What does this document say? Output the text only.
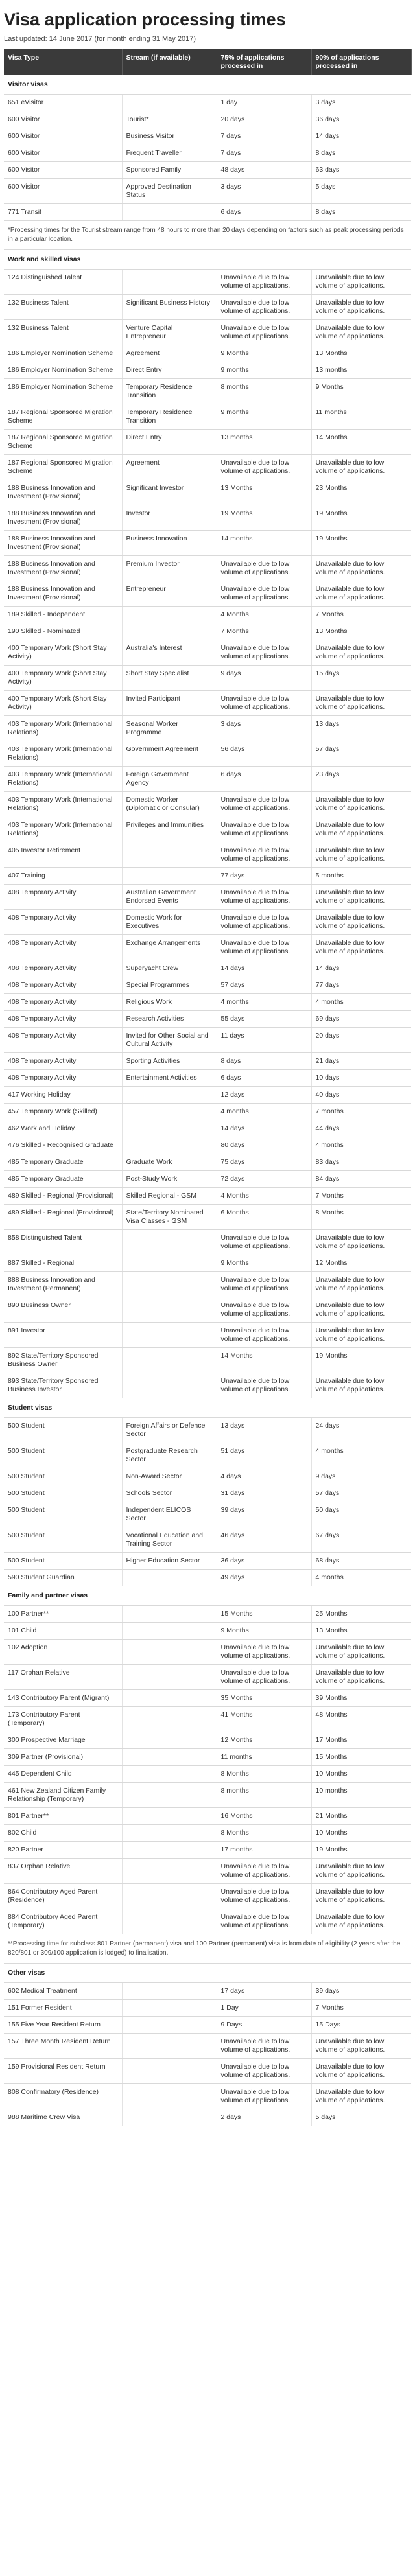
Visa application processing times

Last updated: 14 June 2017 (for month ending 31 May 2017)

Visa Type	Stream (if available)	75% of applications processed in	90% of applications processed in
Visitor visas			
651 eVisitor		1 day	3 days
600 Visitor	Tourist*	20 days	36 days
600 Visitor	Business Visitor	7 days	14 days
600 Visitor	Frequent Traveller	7 days	8 days
600 Visitor	Sponsored Family	48 days	63 days
600 Visitor	Approved Destination Status	3 days	5 days
771 Transit		6 days	8 days
*Processing times for the Tourist stream range from 48 hours to more than 20 days depending on factors such as peak processing periods in a particular location.			
Work and skilled visas			
124 Distinguished Talent		Unavailable due to low volume of applications.	Unavailable due to low volume of applications.
132 Business Talent	Significant Business History	Unavailable due to low volume of applications.	Unavailable due to low volume of applications.
132 Business Talent	Venture Capital Entrepreneur	Unavailable due to low volume of applications.	Unavailable due to low volume of applications.
186 Employer Nomination Scheme	Agreement	9 Months	13 Months
186 Employer Nomination Scheme	Direct Entry	9 months	13 months
186 Employer Nomination Scheme	Temporary Residence Transition	8 months	9 Months
187 Regional Sponsored Migration Scheme	Temporary Residence Transition	9 months	11 months
187 Regional Sponsored Migration Scheme	Direct Entry	13 months	14 Months
187 Regional Sponsored Migration Scheme	Agreement	Unavailable due to low volume of applications.	Unavailable due to low volume of applications.
188 Business Innovation and Investment (Provisional)	Significant Investor	13 Months	23 Months
188 Business Innovation and Investment (Provisional)	Investor	19 Months	19 Months
188 Business Innovation and Investment (Provisional)	Business Innovation	14 months	19 Months
188 Business Innovation and Investment (Provisional)	Premium Investor	Unavailable due to low volume of applications.	Unavailable due to low volume of applications.
188 Business Innovation and Investment (Provisional)	Entrepreneur	Unavailable due to low volume of applications.	Unavailable due to low volume of applications.
189 Skilled - Independent		4 Months	7 Months
190 Skilled - Nominated		7 Months	13 Months
400 Temporary Work (Short Stay Activity)	Australia's Interest	Unavailable due to low volume of applications.	Unavailable due to low volume of applications.
400 Temporary Work (Short Stay Activity)	Short Stay Specialist	9 days	15 days
400 Temporary Work (Short Stay Activity)	Invited Participant	Unavailable due to low volume of applications.	Unavailable due to low volume of applications.
403 Temporary Work (International Relations)	Seasonal Worker Programme	3 days	13 days
403 Temporary Work (International Relations)	Government Agreement	56 days	57 days
403 Temporary Work (International Relations)	Foreign Government Agency	6 days	23 days
403 Temporary Work (International Relations)	Domestic Worker (Diplomatic or Consular)	Unavailable due to low volume of applications.	Unavailable due to low volume of applications.
403 Temporary Work (International Relations)	Privileges and Immunities	Unavailable due to low volume of applications.	Unavailable due to low volume of applications.
405 Investor Retirement		Unavailable due to low volume of applications.	Unavailable due to low volume of applications.
407 Training		77 days	5 months
408 Temporary Activity	Australian Government Endorsed Events	Unavailable due to low volume of applications.	Unavailable due to low volume of applications.
408 Temporary Activity	Domestic Work for Executives	Unavailable due to low volume of applications.	Unavailable due to low volume of applications.
408 Temporary Activity	Exchange Arrangements	Unavailable due to low volume of applications.	Unavailable due to low volume of applications.
408 Temporary Activity	Superyacht Crew	14 days	14 days
408 Temporary Activity	Special Programmes	57 days	77 days
408 Temporary Activity	Religious Work	4 months	4 months
408 Temporary Activity	Research Activities	55 days	69 days
408 Temporary Activity	Invited for Other Social and Cultural Activity	11 days	20 days
408 Temporary Activity	Sporting Activities	8 days	21 days
408 Temporary Activity	Entertainment Activities	6 days	10 days
417 Working Holiday		12 days	40 days
457 Temporary Work (Skilled)		4 months	7 months
462 Work and Holiday		14 days	44 days
476 Skilled - Recognised Graduate		80 days	4 months
485 Temporary Graduate	Graduate Work	75 days	83 days
485 Temporary Graduate	Post-Study Work	72 days	84 days
489 Skilled - Regional (Provisional)	Skilled Regional - GSM	4 Months	7 Months
489 Skilled - Regional (Provisional)	State/Territory Nominated Visa Classes - GSM	6 Months	8 Months
858 Distinguished Talent		Unavailable due to low volume of applications.	Unavailable due to low volume of applications.
887 Skilled - Regional		9 Months	12 Months
888 Business Innovation and Investment (Permanent)		Unavailable due to low volume of applications.	Unavailable due to low volume of applications.
890 Business Owner		Unavailable due to low volume of applications.	Unavailable due to low volume of applications.
891 Investor		Unavailable due to low volume of applications.	Unavailable due to low volume of applications.
892 State/Territory Sponsored Business Owner		14 Months	19 Months
893 State/Territory Sponsored Business Investor		Unavailable due to low volume of applications.	Unavailable due to low volume of applications.
Student visas			
500 Student	Foreign Affairs or Defence Sector	13 days	24 days
500 Student	Postgraduate Research Sector	51 days	4 months
500 Student	Non-Award Sector	4 days	9 days
500 Student	Schools Sector	31 days	57 days
500 Student	Independent ELICOS Sector	39 days	50 days
500 Student	Vocational Education and Training Sector	46 days	67 days
500 Student	Higher Education Sector	36 days	68 days
590 Student Guardian		49 days	4 months
Family and partner visas			
100 Partner**		15 Months	25 Months
101 Child		9 Months	13 Months
102 Adoption		Unavailable due to low volume of applications.	Unavailable due to low volume of applications.
117 Orphan Relative		Unavailable due to low volume of applications.	Unavailable due to low volume of applications.
143 Contributory Parent (Migrant)		35 Months	39 Months
173 Contributory Parent (Temporary)		41 Months	48 Months
300 Prospective Marriage		12 Months	17 Months
309 Partner (Provisional)		11 months	15 Months
445 Dependent Child		8 Months	10 Months
461 New Zealand Citizen Family Relationship (Temporary)		8 months	10 months
801 Partner**		16 Months	21 Months
802 Child		8 Months	10 Months
820 Partner		17 months	19 Months
837 Orphan Relative		Unavailable due to low volume of applications.	Unavailable due to low volume of applications.
864 Contributory Aged Parent (Residence)		Unavailable due to low volume of applications.	Unavailable due to low volume of applications.
884 Contributory Aged Parent (Temporary)		Unavailable due to low volume of applications.	Unavailable due to low volume of applications.
**Processing time for subclass 801 Partner (permanent) visa and 100 Partner (permanent) visa is from date of eligibility (2 years after the 820/801 or 309/100 application is lodged) to finalisation.			
Other visas			
602 Medical Treatment		17 days	39 days
151 Former Resident		1 Day	7 Months
155 Five Year Resident Return		9 Days	15 Days
157 Three Month Resident Return		Unavailable due to low volume of applications.	Unavailable due to low volume of applications.
159 Provisional Resident Return		Unavailable due to low volume of applications.	Unavailable due to low volume of applications.
808 Confirmatory (Residence)		Unavailable due to low volume of applications.	Unavailable due to low volume of applications.
988 Maritime Crew Visa		2 days	5 days
